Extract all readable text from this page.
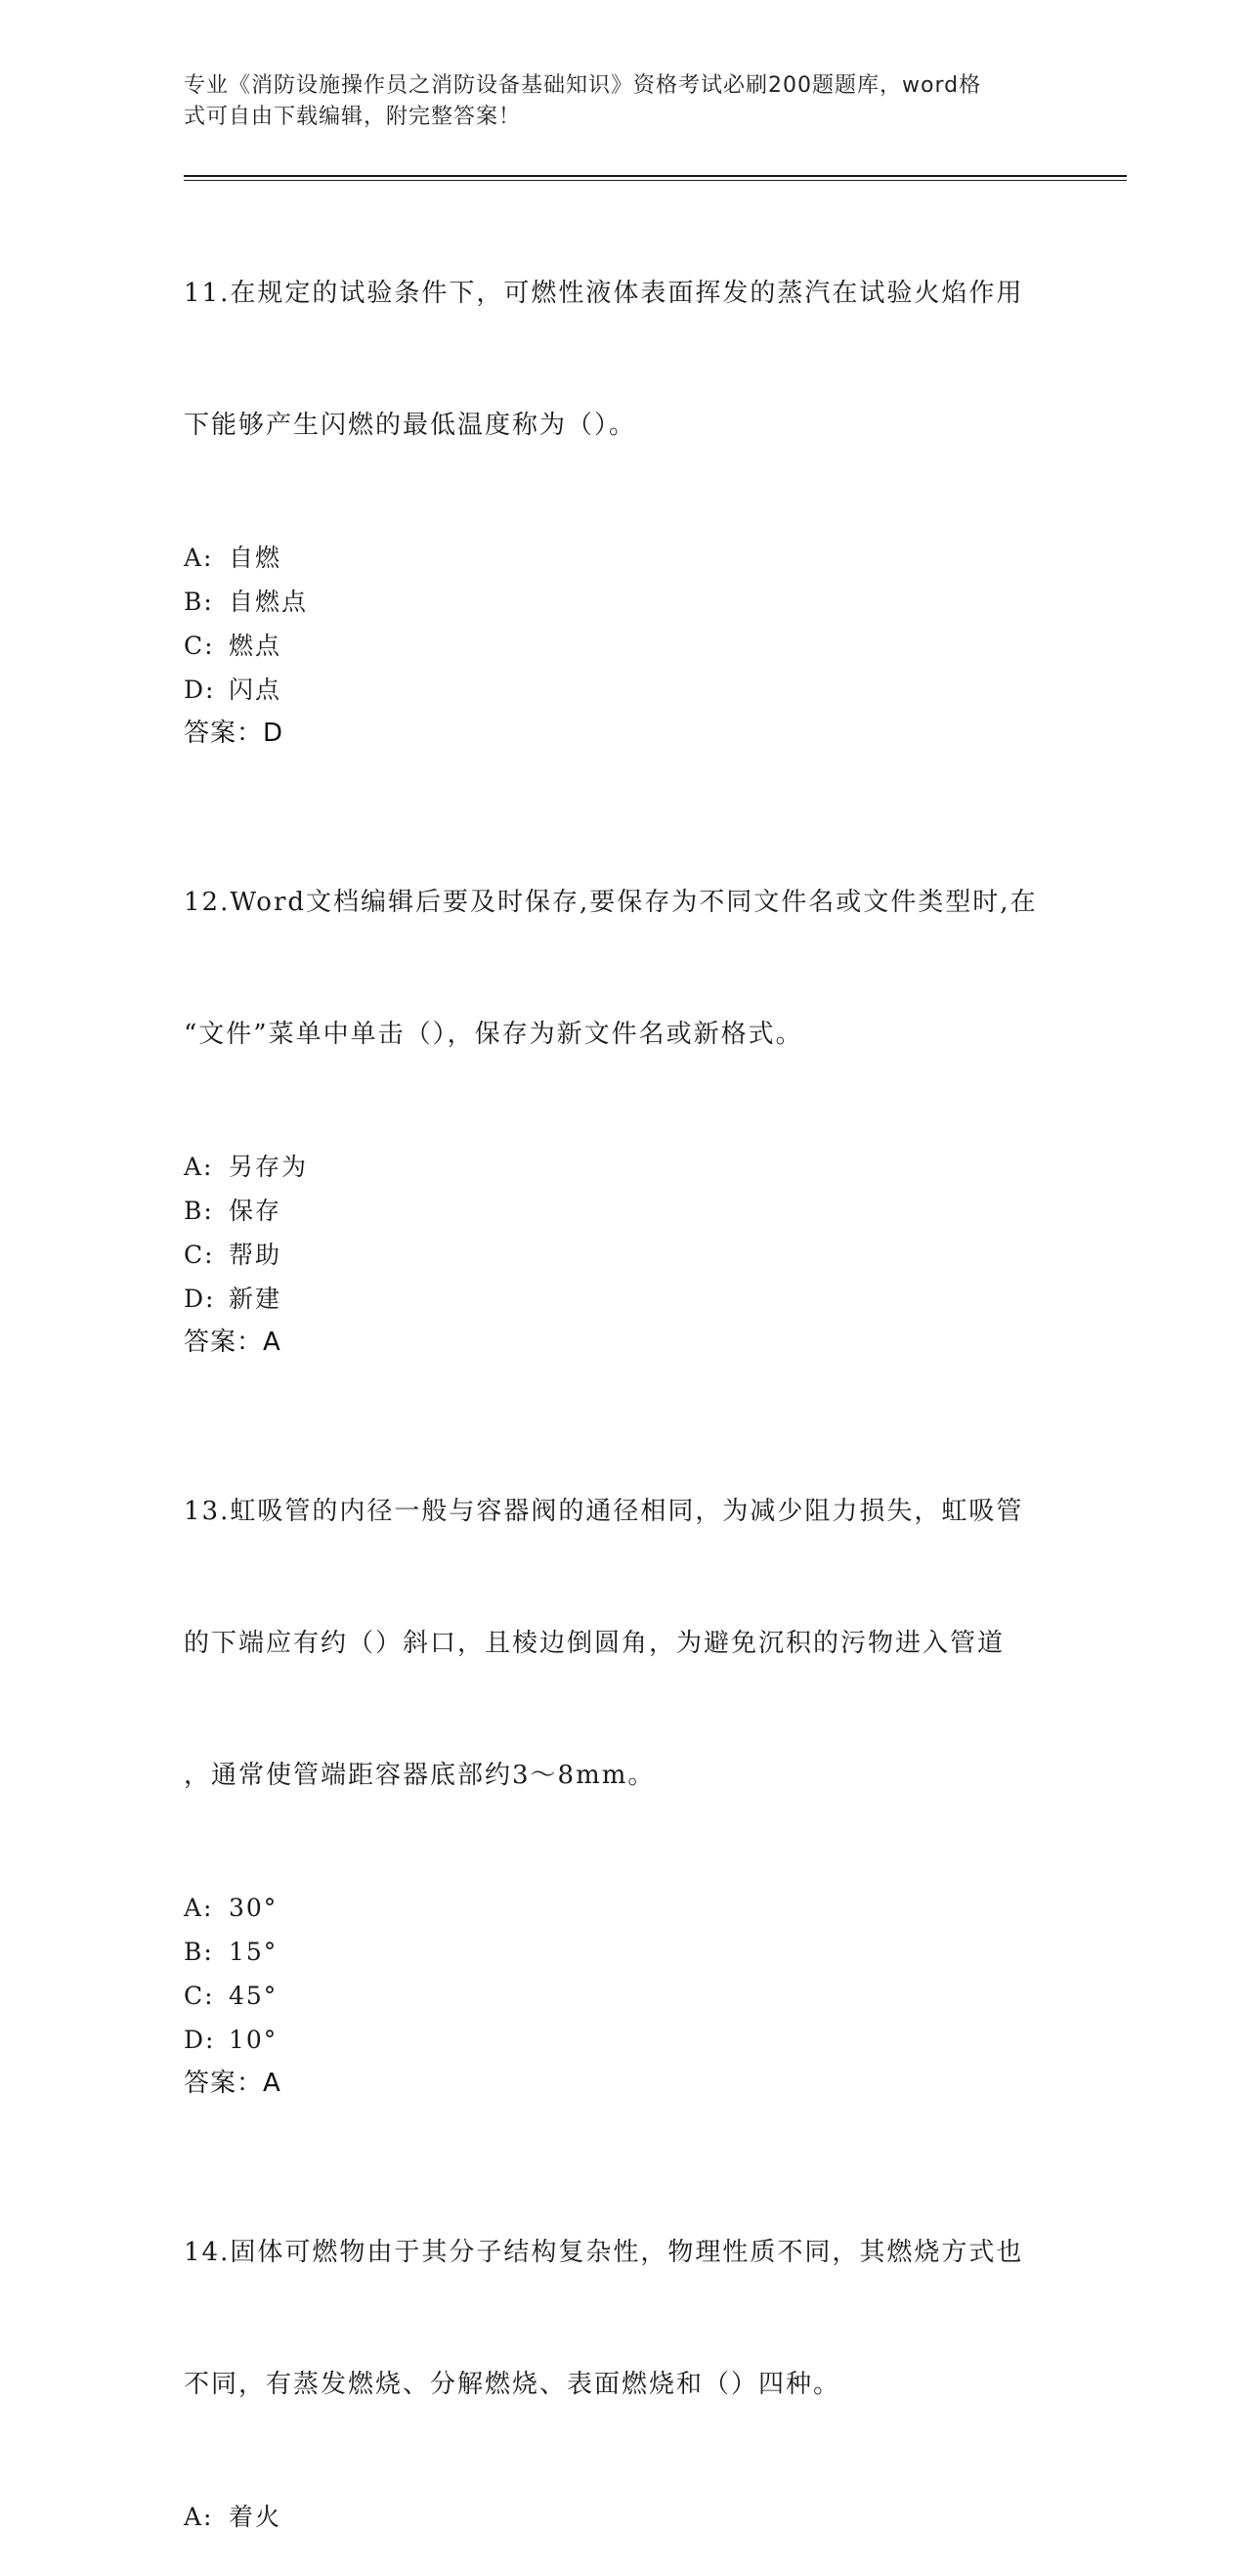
专业《消防设施操作员之消防设备基础知识》资格考试必刷200题题库，word格
式可自由下载编辑，附完整答案！

11.在规定的试验条件下，可燃性液体表面挥发的蒸汽在试验火焰作用

下能够产生闪燃的最低温度称为（）。

A: 自燃
B: 自燃点
C: 燃点
D: 闪点
答案：D

12.Word文档编辑后要及时保存,要保存为不同文件名或文件类型时,在

“文件”菜单中单击（），保存为新文件名或新格式。

A: 另存为
B: 保存
C: 帮助
D: 新建
答案：A

13.虹吸管的内径一般与容器阀的通径相同，为减少阻力损失，虹吸管

的下端应有约（）斜口，且棱边倒圆角，为避免沉积的污物进入管道

，通常使管端距容器底部约3～8mm。

A: 30°
B: 15°
C: 45°
D: 10°
答案：A

14.固体可燃物由于其分子结构复杂性，物理性质不同，其燃烧方式也

不同，有蒸发燃烧、分解燃烧、表面燃烧和（）四种。

A: 着火
